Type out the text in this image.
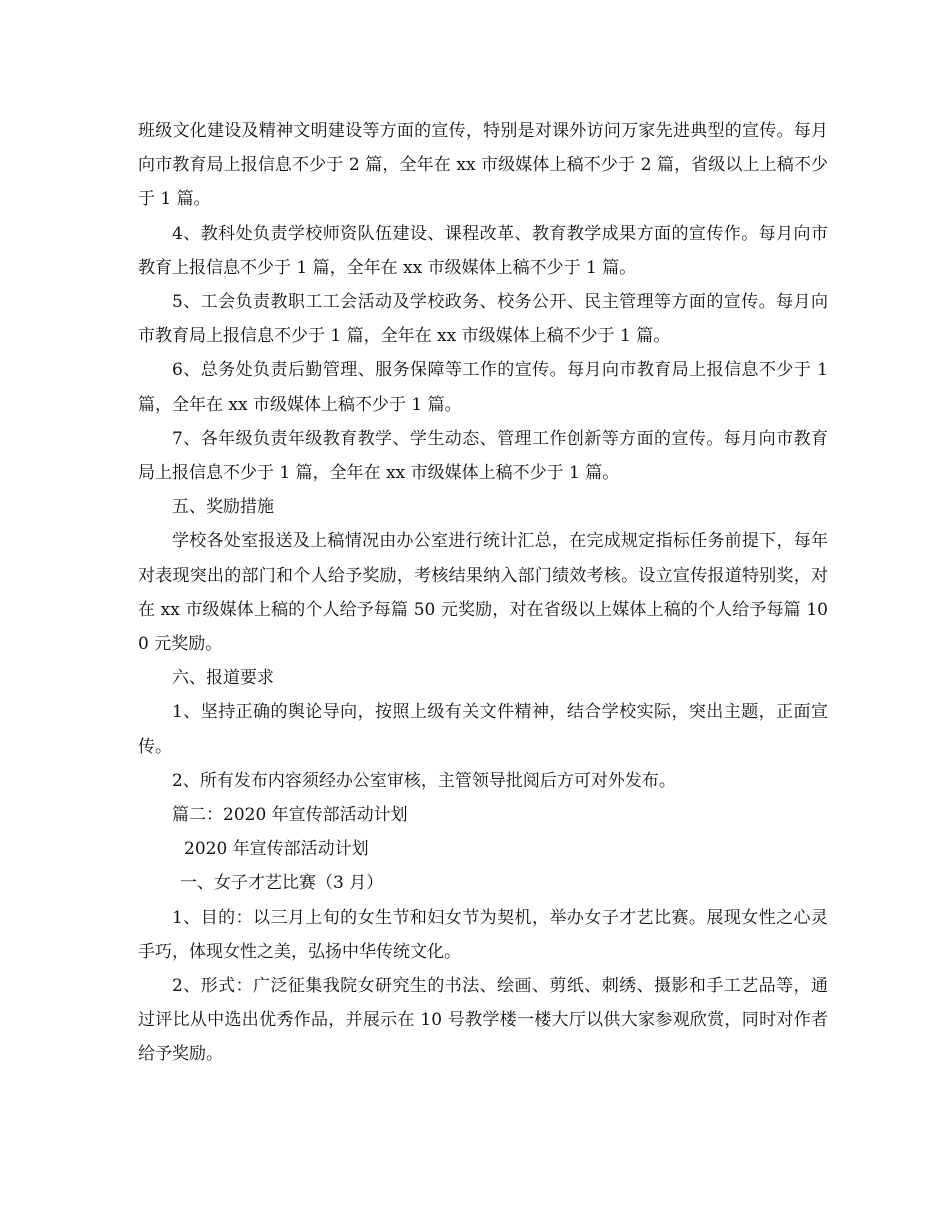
班级文化建设及精神文明建设等方面的宣传，特别是对课外访问万家先进典型的宣传。每月向市教育局上报信息不少于 2 篇，全年在 xx 市级媒体上稿不少于 2 篇，省级以上上稿不少于 1 篇。

4、教科处负责学校师资队伍建设、课程改革、教育教学成果方面的宣传作。每月向市教育上报信息不少于 1 篇，全年在 xx 市级媒体上稿不少于 1 篇。

5、工会负责教职工工会活动及学校政务、校务公开、民主管理等方面的宣传。每月向市教育局上报信息不少于 1 篇，全年在 xx 市级媒体上稿不少于 1 篇。

6、总务处负责后勤管理、服务保障等工作的宣传。每月向市教育局上报信息不少于 1 篇，全年在 xx 市级媒体上稿不少于 1 篇。

7、各年级负责年级教育教学、学生动态、管理工作创新等方面的宣传。每月向市教育局上报信息不少于 1 篇，全年在 xx 市级媒体上稿不少于 1 篇。

五、奖励措施

学校各处室报送及上稿情况由办公室进行统计汇总，在完成规定指标任务前提下，每年对表现突出的部门和个人给予奖励，考核结果纳入部门绩效考核。设立宣传报道特别奖，对在 xx 市级媒体上稿的个人给予每篇 50 元奖励，对在省级以上媒体上稿的个人给予每篇 100 元奖励。

六、报道要求

1、坚持正确的舆论导向，按照上级有关文件精神，结合学校实际，突出主题，正面宣传。

2、所有发布内容须经办公室审核，主管领导批阅后方可对外发布。

篇二：2020 年宣传部活动计划

2020 年宣传部活动计划

一、女子才艺比赛（3 月）

1、目的：以三月上旬的女生节和妇女节为契机，举办女子才艺比赛。展现女性之心灵手巧，体现女性之美，弘扬中华传统文化。

2、形式：广泛征集我院女研究生的书法、绘画、剪纸、刺绣、摄影和手工艺品等，通过评比从中选出优秀作品，并展示在 10 号教学楼一楼大厅以供大家参观欣赏，同时对作者给予奖励。
